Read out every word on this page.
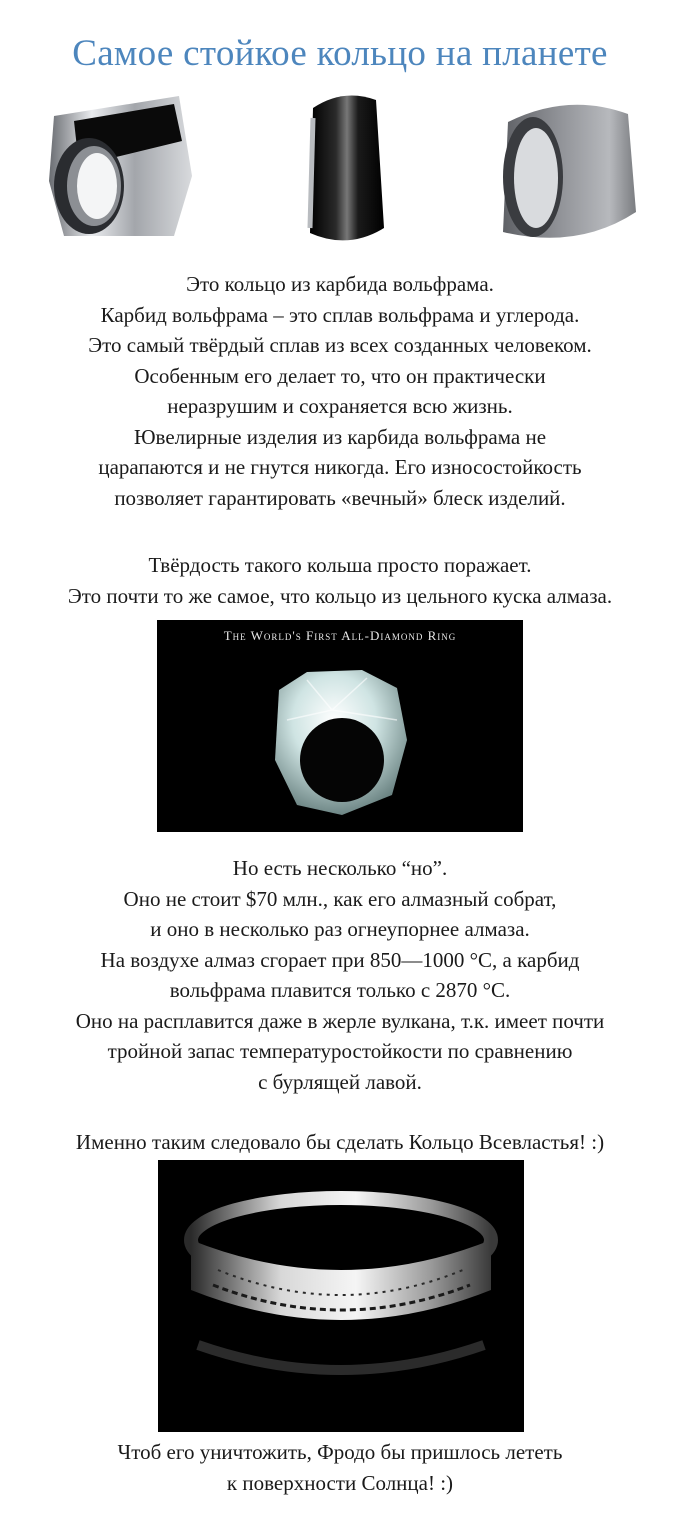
Самое стойкое кольцо на планете
Это кольцо из карбида вольфрама.
Карбид вольфрама – это сплав вольфрама и углерода.
Это самый твёрдый сплав из всех созданных человеком.
Особенным его делает то, что он практически
неразрушим и сохраняется всю жизнь.
Ювелирные изделия из карбида вольфрама не
царапаются и не гнутся никогда. Его износостойкость
позволяет гарантировать «вечный» блеск изделий.
Твёрдость такого кольша просто поражает.
Это почти то же самое, что кольцо из цельного куска алмаза.
The World's First All-Diamond Ring
Но есть несколько “но”.
Оно не стоит $70 млн., как его алмазный собрат,
и оно в несколько раз огнеупорнее алмаза.
На воздухе алмаз сгорает при 850—1000 °C, а карбид
вольфрама плавится только с 2870 °C.
Оно на расплавится даже в жерле вулкана, т.к. имеет почти
тройной запас температуростойкости по сравнению
с бурлящей лавой.
Именно таким следовало бы сделать Кольцо Всевластья! :)
Чтоб его уничтожить, Фродо бы пришлось лететь
к поверхности Солнца! :)
